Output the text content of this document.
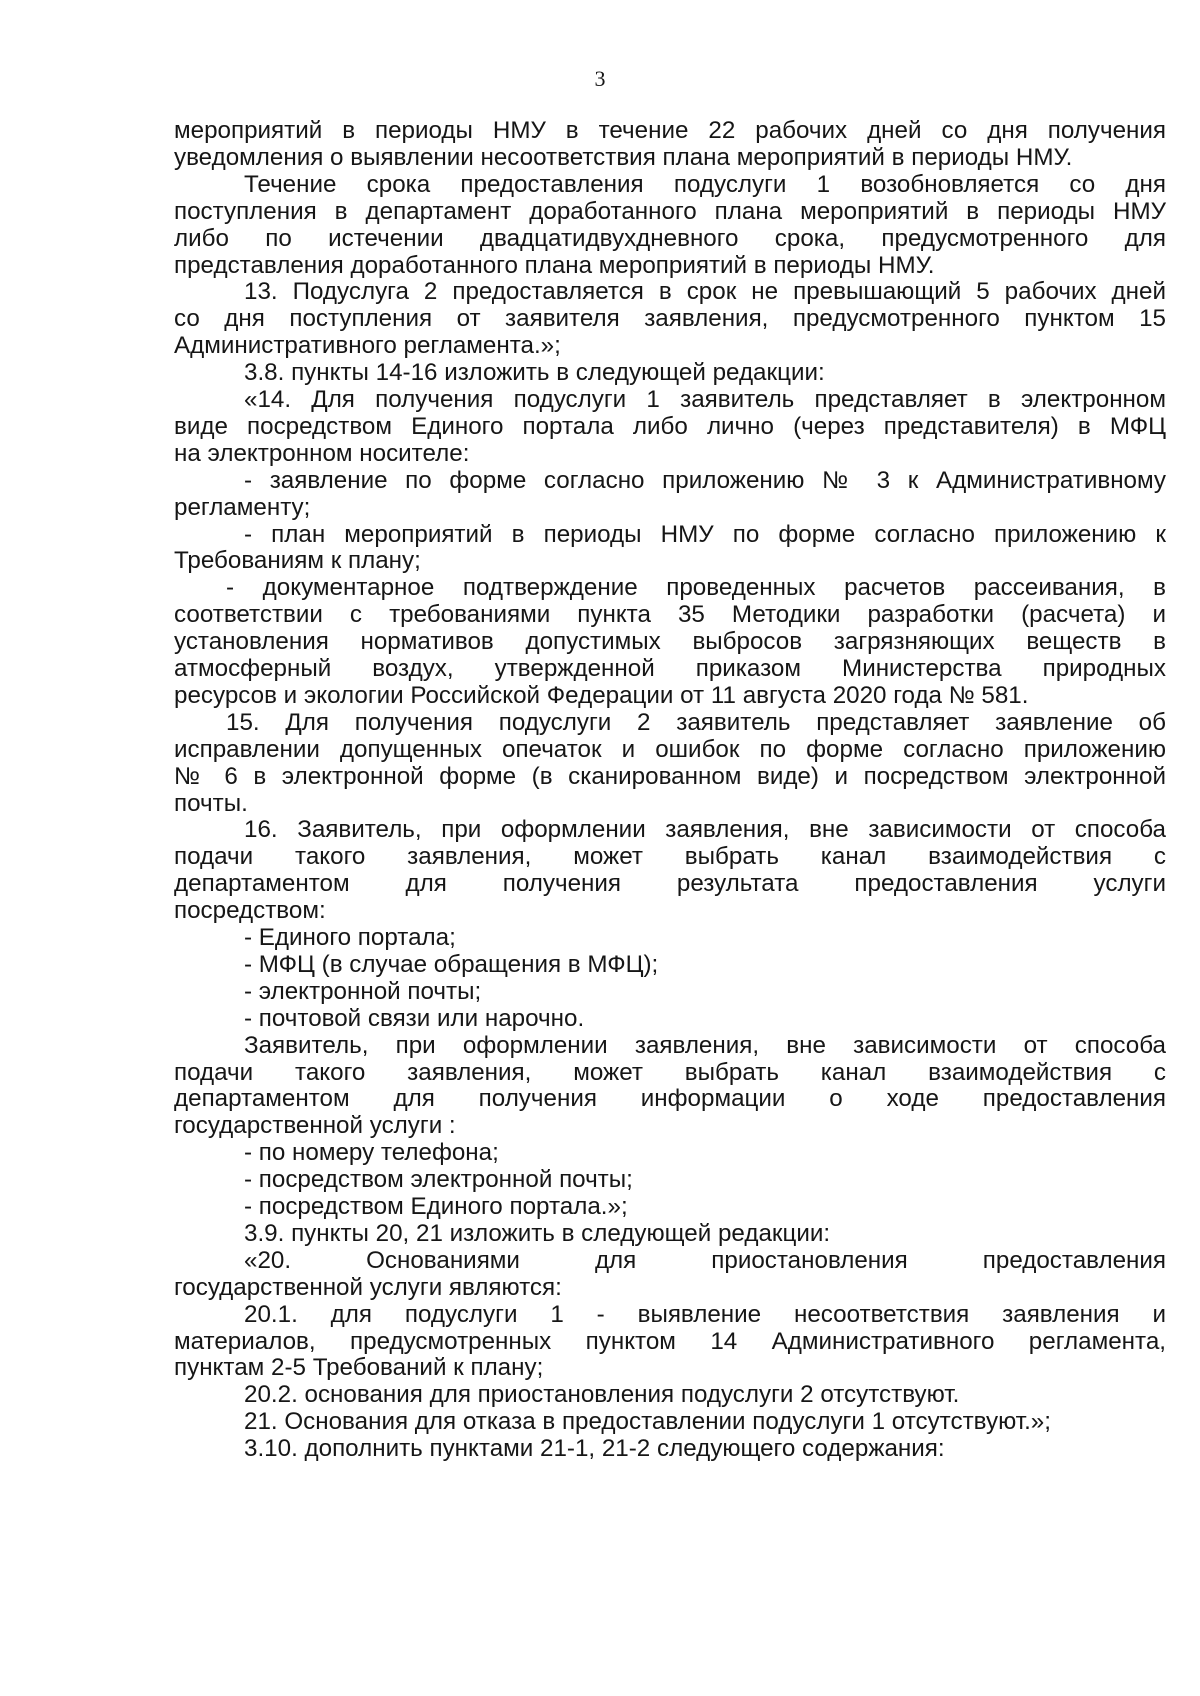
3
мероприятий в периоды НМУ в течение 22 рабочих дней со дня получения
уведомления о выявлении несоответствия плана мероприятий в периоды НМУ.
Течение срока предоставления подуслуги 1 возобновляется со дня
поступления в департамент доработанного плана мероприятий в периоды НМУ
либо по истечении двадцатидвухдневного срока, предусмотренного для
представления доработанного плана мероприятий в периоды НМУ.
13. Подуслуга 2 предоставляется в срок не превышающий 5 рабочих дней
со дня поступления от заявителя заявления, предусмотренного пунктом 15
Административного регламента.»;
3.8. пункты 14-16 изложить в следующей редакции:
«14. Для получения подуслуги 1 заявитель представляет в электронном
виде посредством Единого портала либо лично (через представителя) в МФЦ
на электронном носителе:
- заявление по форме согласно приложению № 3 к Административному
регламенту;
- план мероприятий в периоды НМУ по форме согласно приложению к
Требованиям к плану;
- документарное подтверждение проведенных расчетов рассеивания, в
соответствии с требованиями пункта 35 Методики разработки (расчета) и
установления нормативов допустимых выбросов загрязняющих веществ в
атмосферный воздух, утвержденной приказом Министерства природных
ресурсов и экологии Российской Федерации от 11 августа 2020 года № 581.
15. Для получения подуслуги 2 заявитель представляет заявление об
исправлении допущенных опечаток и ошибок по форме согласно приложению
№ 6 в электронной форме (в сканированном виде) и посредством электронной
почты.
16. Заявитель, при оформлении заявления, вне зависимости от способа
подачи такого заявления, может выбрать канал взаимодействия с
департаментом для получения результата предоставления услуги
посредством:
- Единого портала;
- МФЦ (в случае обращения в МФЦ);
- электронной почты;
- почтовой связи или нарочно.
Заявитель, при оформлении заявления, вне зависимости от способа
подачи такого заявления, может выбрать канал взаимодействия с
департаментом для получения информации о ходе предоставления
государственной услуги :
- по номеру телефона;
- посредством электронной почты;
- посредством Единого портала.»;
3.9. пункты 20, 21 изложить в следующей редакции:
«20. Основаниями для приостановления предоставления
государственной услуги являются:
20.1. для подуслуги 1 - выявление несоответствия заявления и
материалов, предусмотренных пунктом 14 Административного регламента,
пунктам 2-5 Требований к плану;
20.2. основания для приостановления подуслуги 2 отсутствуют.
21. Основания для отказа в предоставлении подуслуги 1 отсутствуют.»;
3.10. дополнить пунктами 21-1, 21-2 следующего содержания:
